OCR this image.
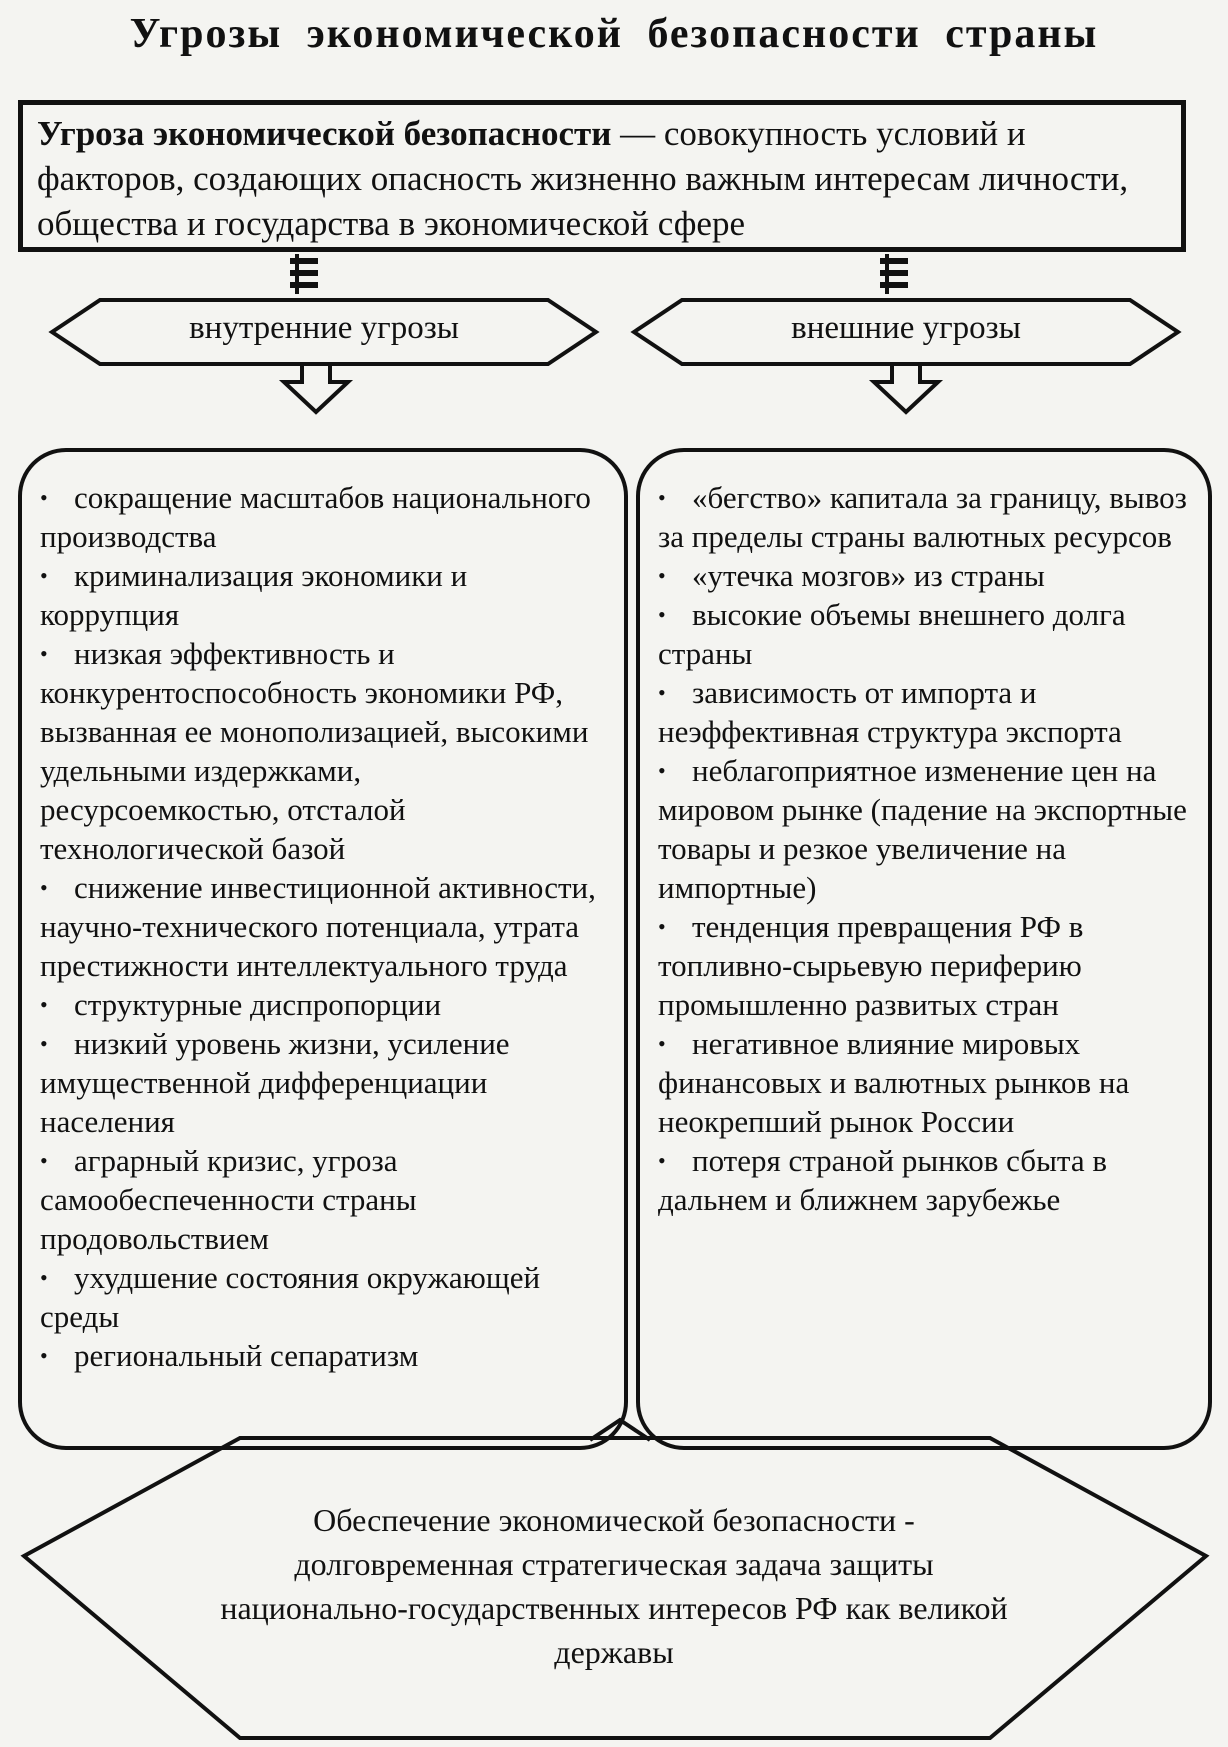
Угрозы экономической безопасности страны
Угроза экономической безопасности — совокупность условий и факторов, создающих опасность жизненно важным интересам личности, общества и государства в экономической сфере
внутренние угрозы	внешние угрозы
• сокращение масштабов национального производства
• криминализация экономики и коррупция
• низкая эффективность и конкурентоспособность экономики РФ, вызванная ее монополизацией, высокими удельными издержками, ресурсоемкостью, отсталой технологической базой
• снижение инвестиционной активности, научно-технического потенциала, утрата престижности интеллектуального труда
• структурные диспропорции
• низкий уровень жизни, усиление имущественной дифференциации населения
• аграрный кризис, угроза самообеспеченности страны продовольствием
• ухудшение состояния окружающей среды
• региональный сепаратизм
• «бегство» капитала за границу, вывоз за пределы страны валютных ресурсов
• «утечка мозгов» из страны
• высокие объемы внешнего долга страны
• зависимость от импорта и неэффективная структура экспорта
• неблагоприятное изменение цен на мировом рынке (падение на экспортные товары и резкое увеличение на импортные)
• тенденция превращения РФ в топливно-сырьевую периферию промышленно развитых стран
• негативное влияние мировых финансовых и валютных рынков на неокрепший рынок России
• потеря страной рынков сбыта в дальнем и ближнем зарубежье
Обеспечение экономической безопасности - долговременная стратегическая задача защиты национально-государственных интересов РФ как великой державы
